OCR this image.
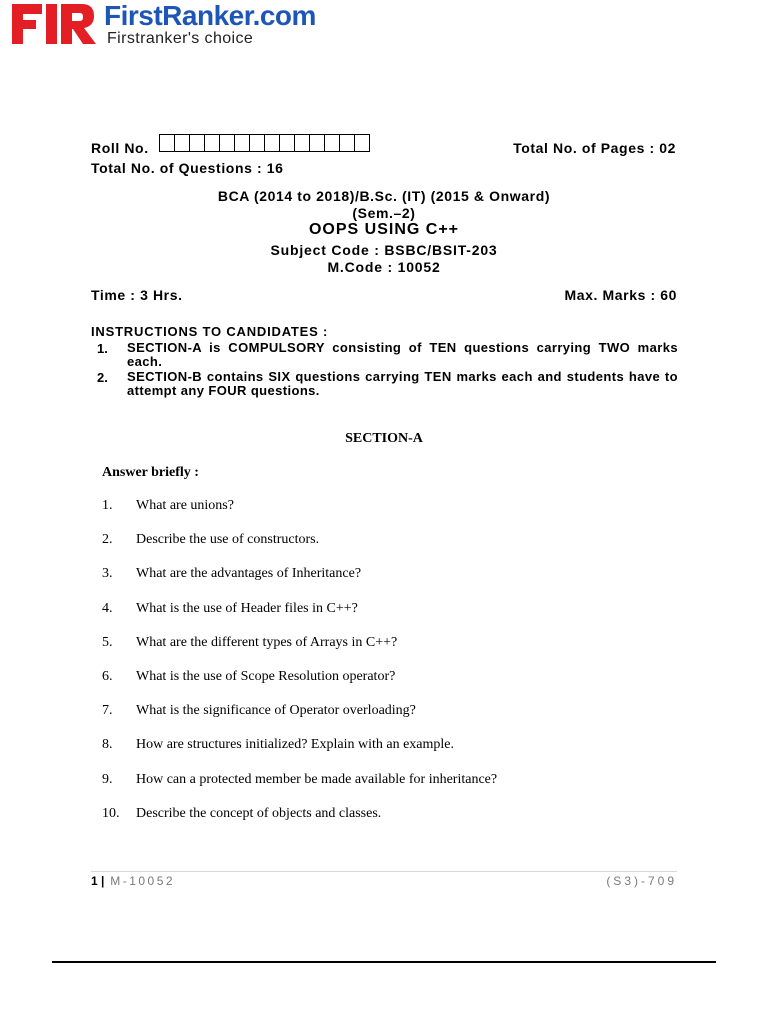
FirstRanker.com
Firstranker's choice
Roll No.	Total No. of Pages : 02
Total No. of Questions : 16
BCA (2014 to 2018)/B.Sc. (IT) (2015 & Onward)
(Sem.–2)
OOPS USING C++
Subject Code : BSBC/BSIT-203
M.Code : 10052
Time : 3 Hrs.	Max. Marks : 60
INSTRUCTIONS TO CANDIDATES :
1.	SECTION-A is COMPULSORY consisting of TEN questions carrying TWO marks each.
2.	SECTION-B contains SIX questions carrying TEN marks each and students have to attempt any FOUR questions.
SECTION-A
Answer briefly :
1.	What are unions?
2.	Describe the use of constructors.
3.	What are the advantages of Inheritance?
4.	What is the use of Header files in C++?
5.	What are the different types of Arrays in C++?
6.	What is the use of Scope Resolution operator?
7.	What is the significance of Operator overloading?
8.	How are structures initialized? Explain with an example.
9.	How can a protected member be made available for inheritance?
10.	Describe the concept of objects and classes.
1 | M-10052	(S3)-709
